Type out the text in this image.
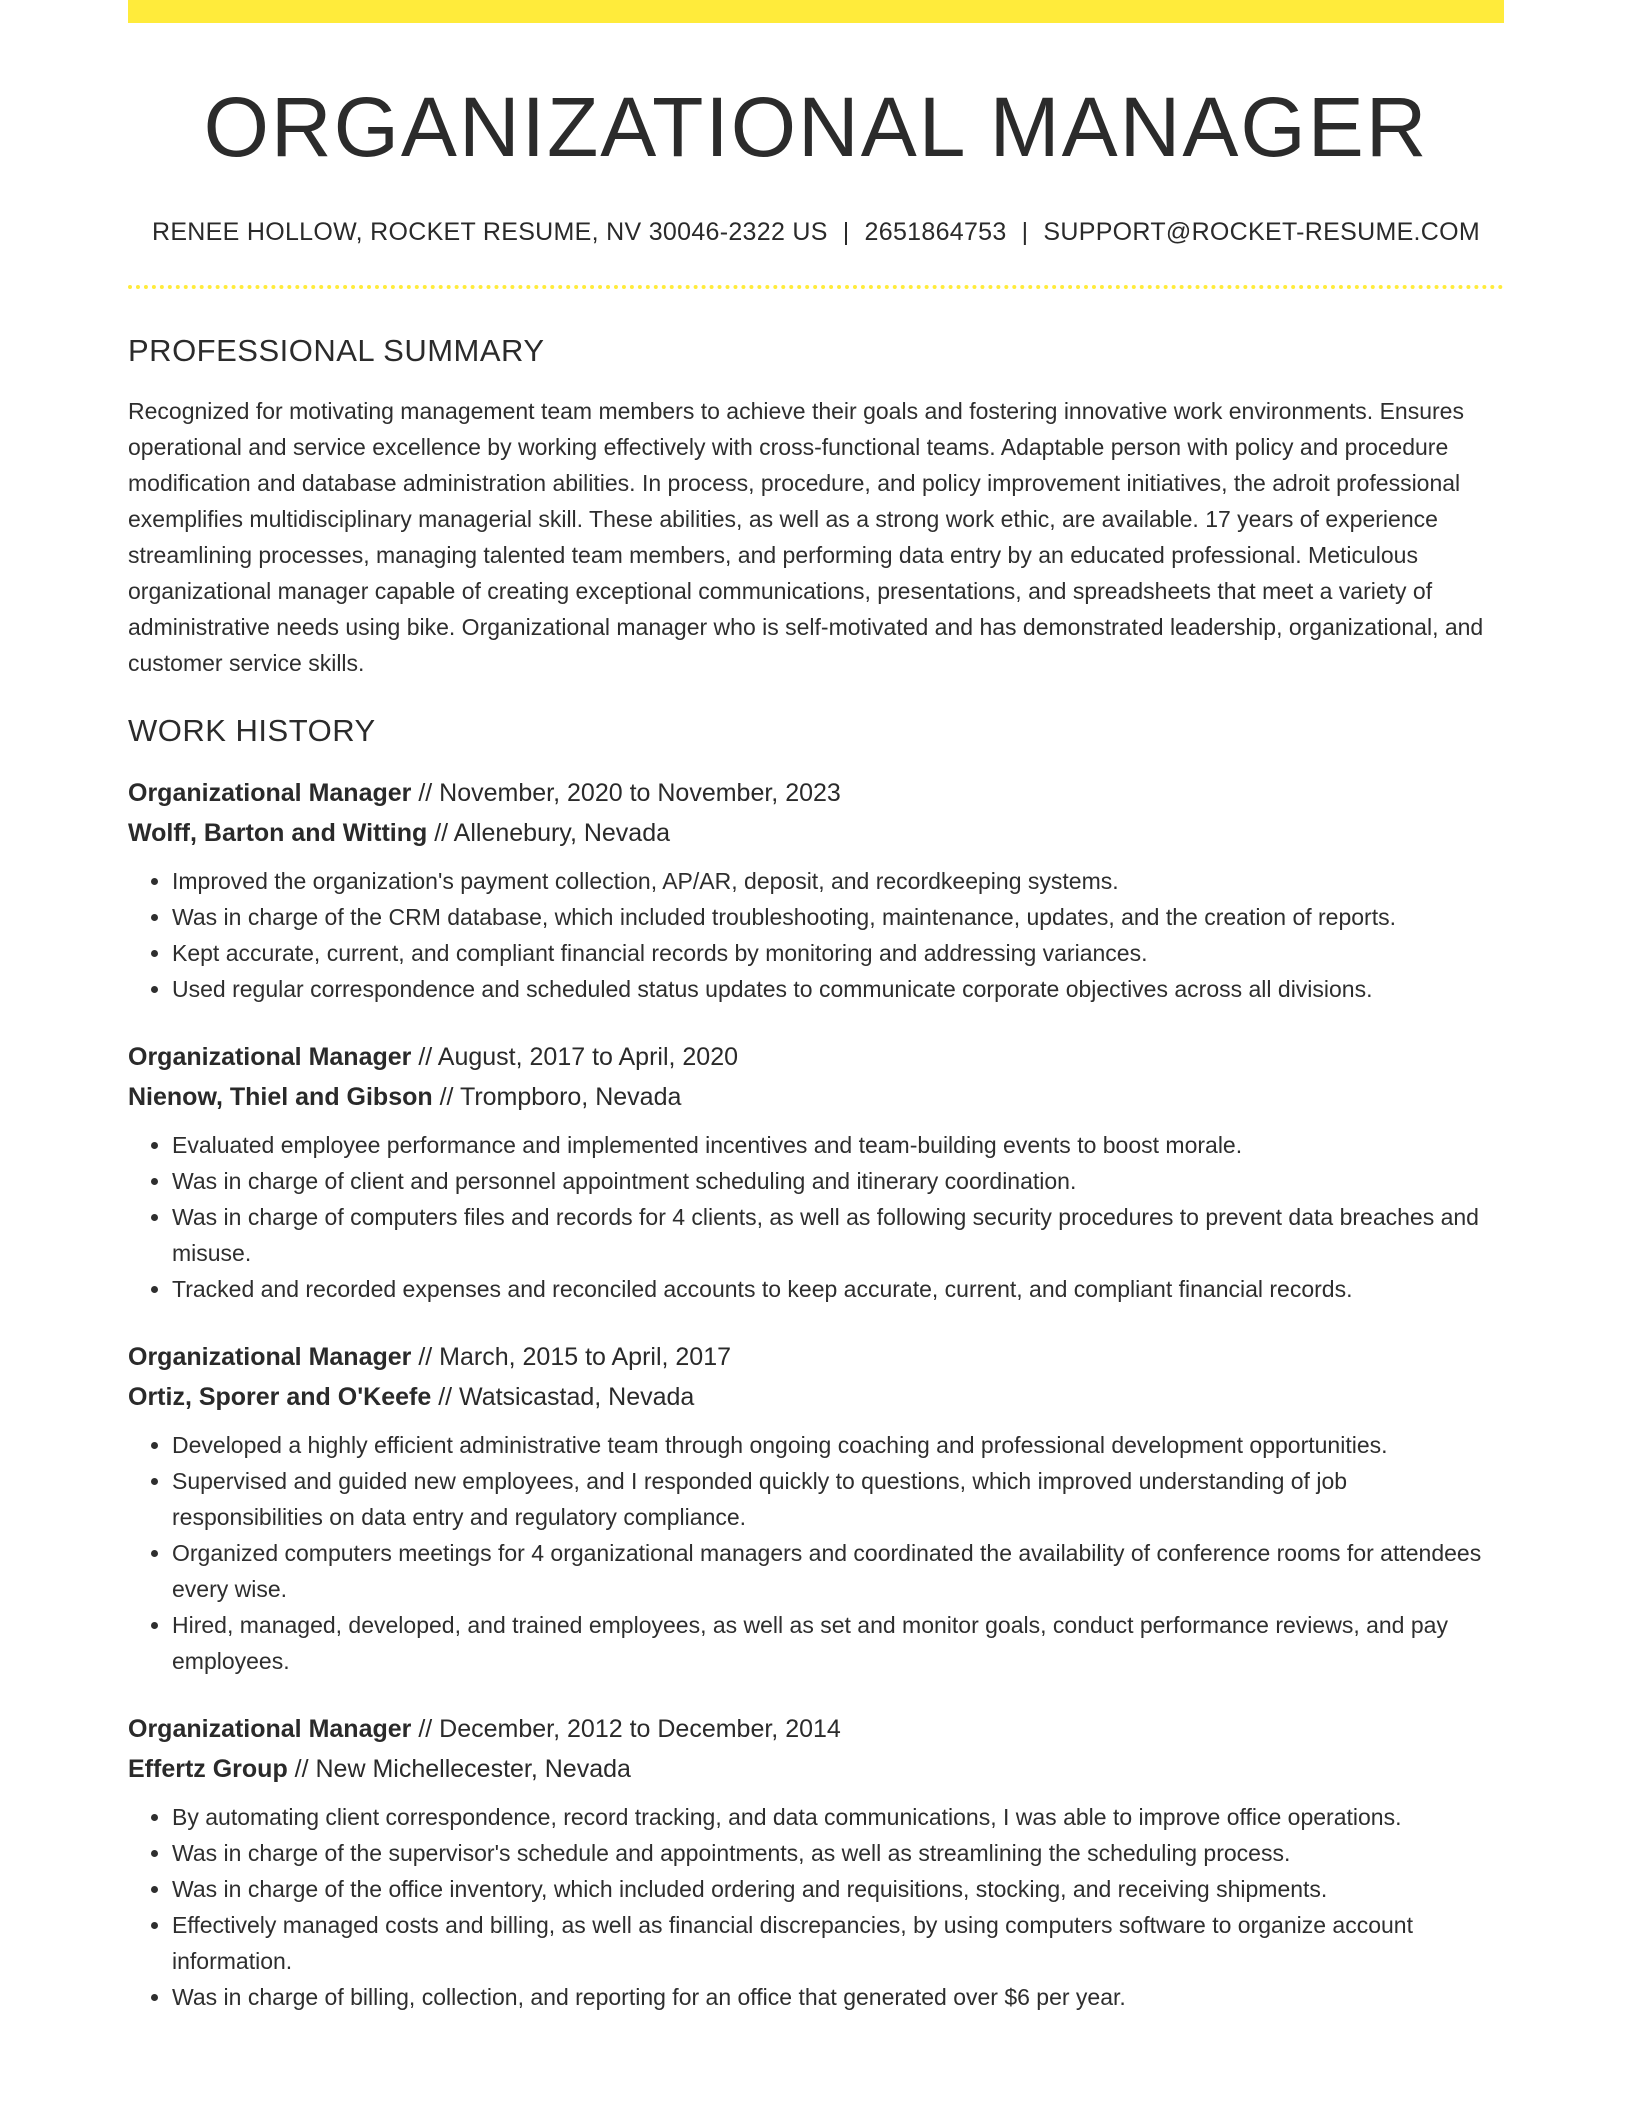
ORGANIZATIONAL MANAGER
RENEE HOLLOW, ROCKET RESUME, NV 30046-2322 US | 2651864753 | SUPPORT@ROCKET-RESUME.COM
PROFESSIONAL SUMMARY
Recognized for motivating management team members to achieve their goals and fostering innovative work environments. Ensures operational and service excellence by working effectively with cross-functional teams. Adaptable person with policy and procedure modification and database administration abilities. In process, procedure, and policy improvement initiatives, the adroit professional exemplifies multidisciplinary managerial skill. These abilities, as well as a strong work ethic, are available. 17 years of experience streamlining processes, managing talented team members, and performing data entry by an educated professional. Meticulous organizational manager capable of creating exceptional communications, presentations, and spreadsheets that meet a variety of administrative needs using bike. Organizational manager who is self-motivated and has demonstrated leadership, organizational, and customer service skills.
WORK HISTORY
Organizational Manager // November, 2020 to November, 2023
Wolff, Barton and Witting // Allenebury, Nevada
• Improved the organization's payment collection, AP/AR, deposit, and recordkeeping systems.
• Was in charge of the CRM database, which included troubleshooting, maintenance, updates, and the creation of reports.
• Kept accurate, current, and compliant financial records by monitoring and addressing variances.
• Used regular correspondence and scheduled status updates to communicate corporate objectives across all divisions.
Organizational Manager // August, 2017 to April, 2020
Nienow, Thiel and Gibson // Trompboro, Nevada
• Evaluated employee performance and implemented incentives and team-building events to boost morale.
• Was in charge of client and personnel appointment scheduling and itinerary coordination.
• Was in charge of computers files and records for 4 clients, as well as following security procedures to prevent data breaches and misuse.
• Tracked and recorded expenses and reconciled accounts to keep accurate, current, and compliant financial records.
Organizational Manager // March, 2015 to April, 2017
Ortiz, Sporer and O'Keefe // Watsicastad, Nevada
• Developed a highly efficient administrative team through ongoing coaching and professional development opportunities.
• Supervised and guided new employees, and I responded quickly to questions, which improved understanding of job responsibilities on data entry and regulatory compliance.
• Organized computers meetings for 4 organizational managers and coordinated the availability of conference rooms for attendees every wise.
• Hired, managed, developed, and trained employees, as well as set and monitor goals, conduct performance reviews, and pay employees.
Organizational Manager // December, 2012 to December, 2014
Effertz Group // New Michellecester, Nevada
• By automating client correspondence, record tracking, and data communications, I was able to improve office operations.
• Was in charge of the supervisor's schedule and appointments, as well as streamlining the scheduling process.
• Was in charge of the office inventory, which included ordering and requisitions, stocking, and receiving shipments.
• Effectively managed costs and billing, as well as financial discrepancies, by using computers software to organize account information.
• Was in charge of billing, collection, and reporting for an office that generated over $6 per year.
